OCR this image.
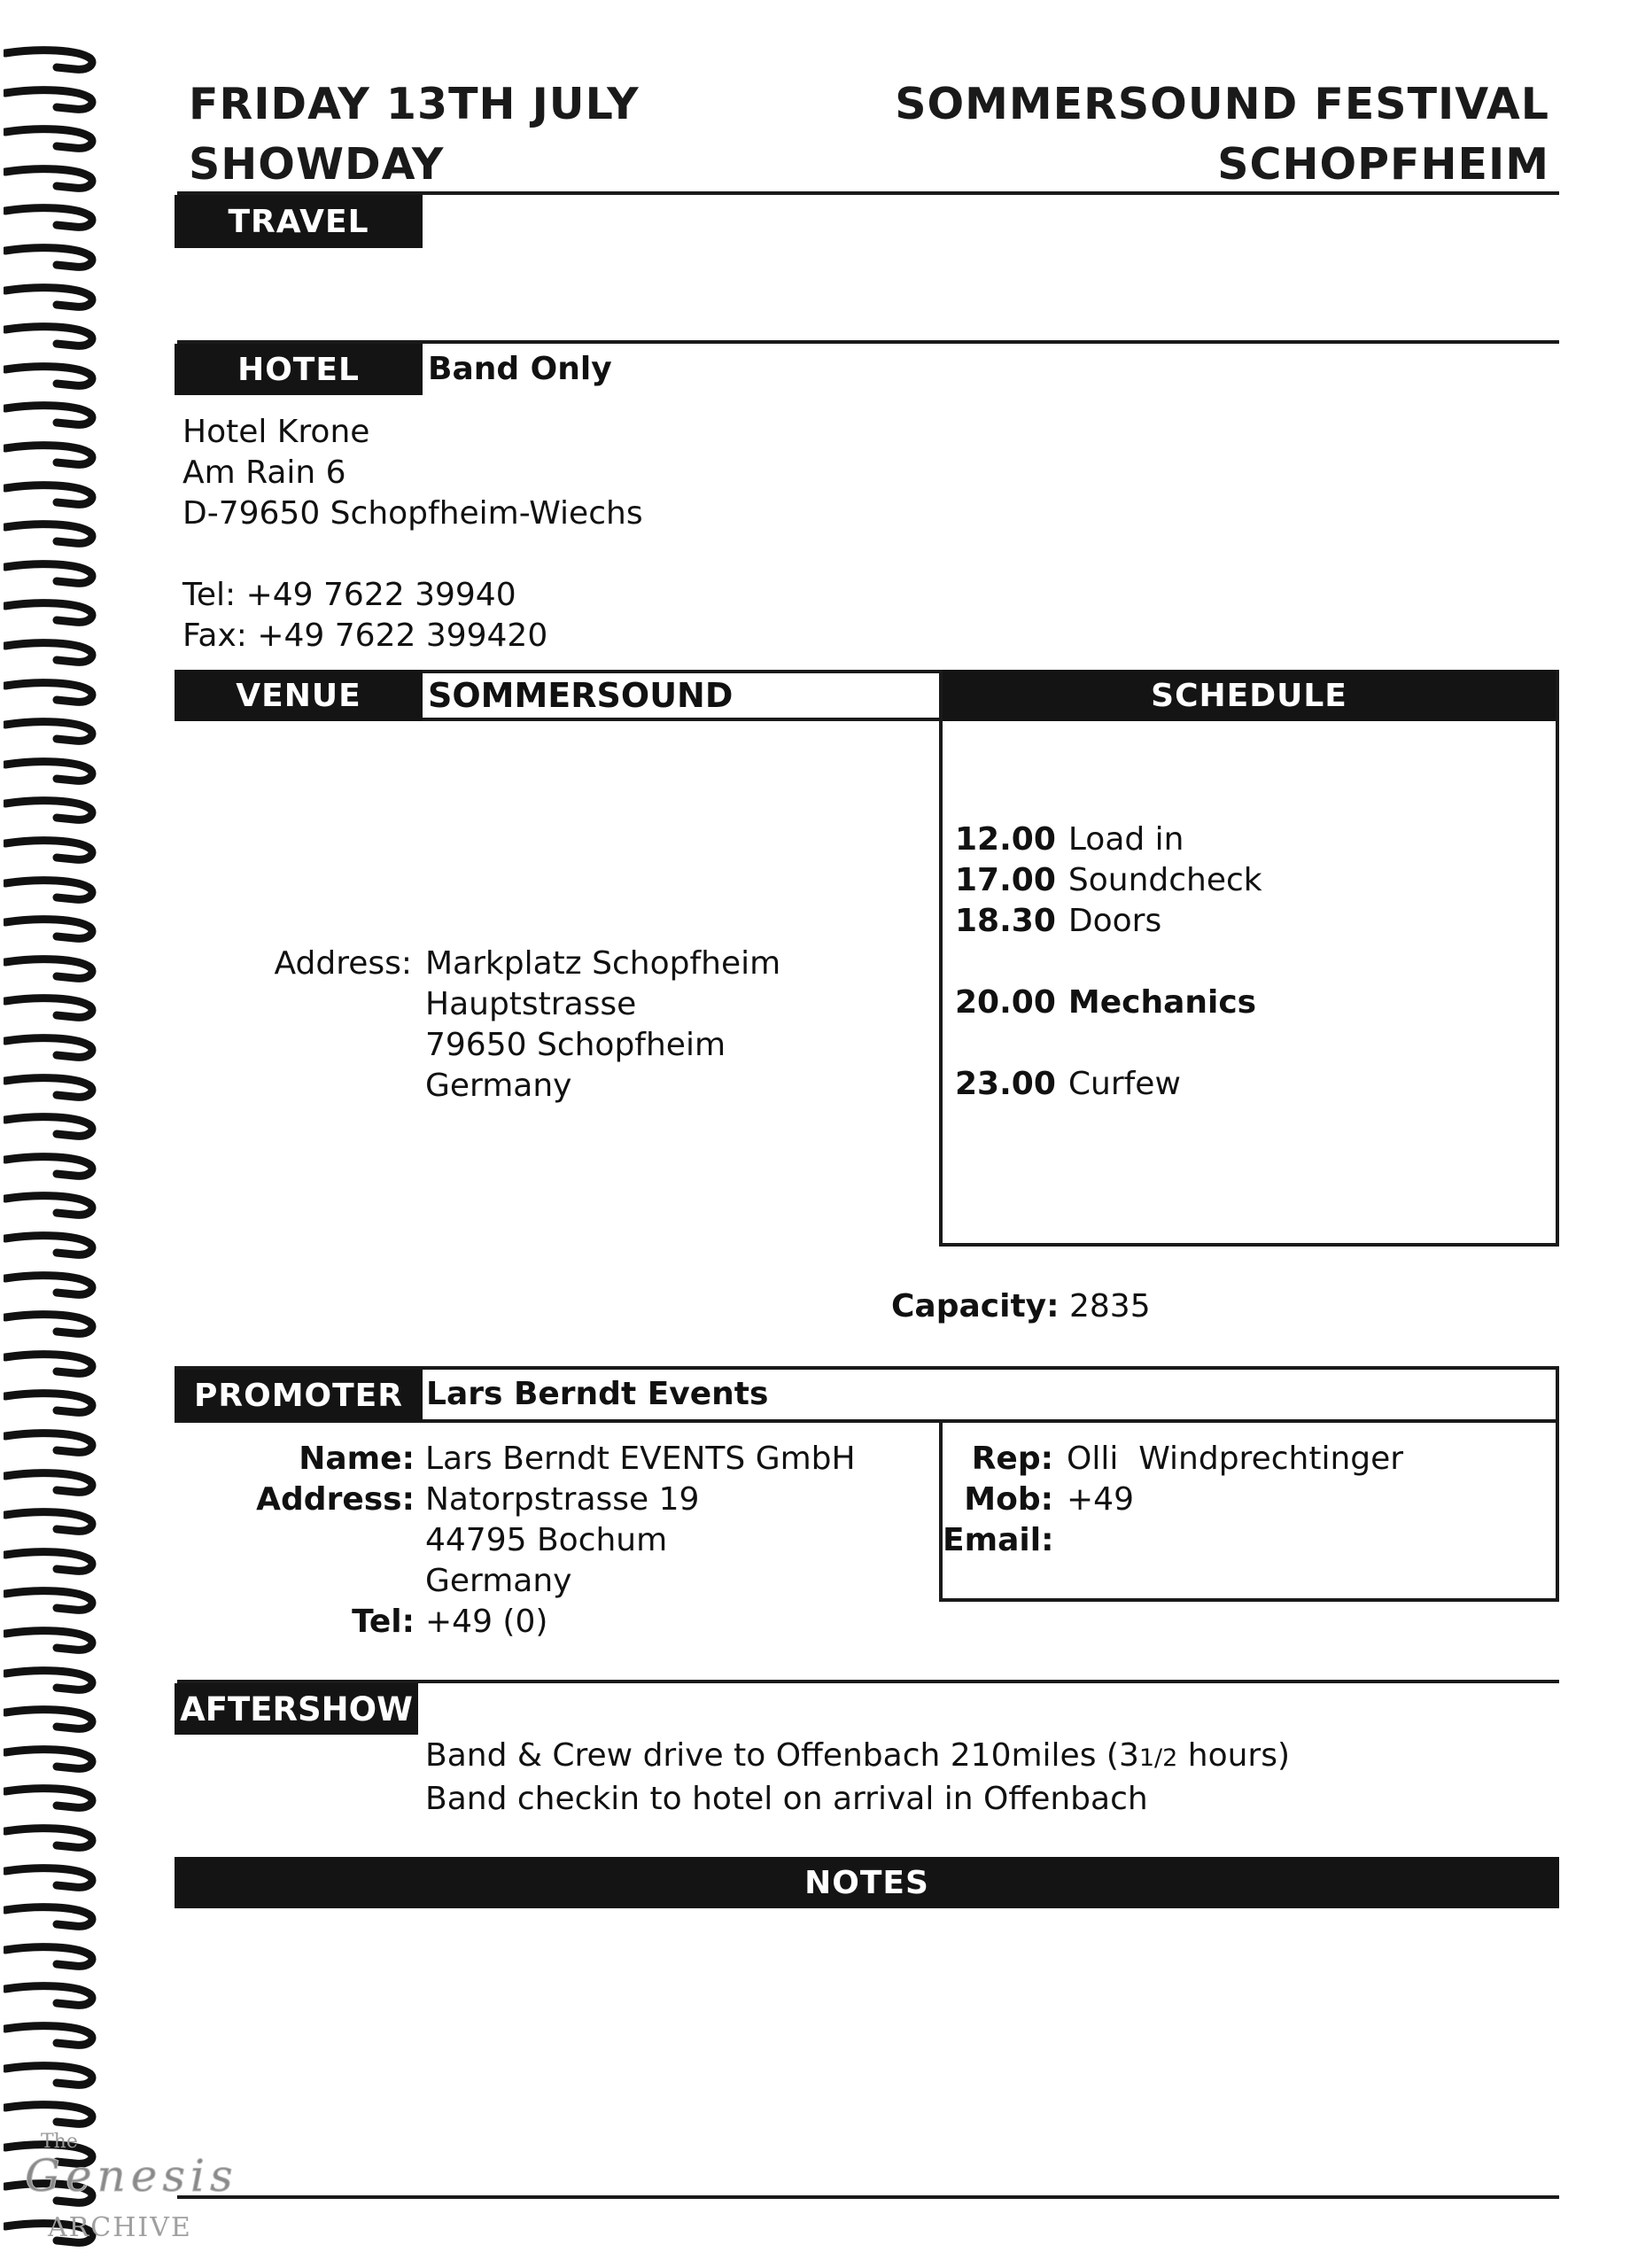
FRIDAY 13TH JULY
SHOWDAY
SOMMERSOUND FESTIVAL
SCHOPFHEIM
TRAVEL
HOTEL	Band Only
Hotel Krone
Am Rain 6
D-79650 Schopfheim-Wiechs
Tel: +49 7622 39940
Fax: +49 7622 399420
VENUE	SOMMERSOUND
Address: Markplatz Schopfheim
Hauptstrasse
79650 Schopfheim
Germany
SCHEDULE
12.00 Load in
17.00 Soundcheck
18.30 Doors
20.00 Mechanics
23.00 Curfew
Capacity: 2835
PROMOTER Lars Berndt Events
Name:
Address:
Tel:
Lars Berndt EVENTS GmbH
Natorpstrasse 19
44795 Bochum
Germany
+49 (0)
Rep:
Mob:
Email:
Olli  Windprechtinger
+49
AFTERSHOW
Band & Crew drive to Offenbach 210miles (31/2 hours)
Band checkin to hotel on arrival in Offenbach
NOTES
The
Genesis
ARCHIVE
